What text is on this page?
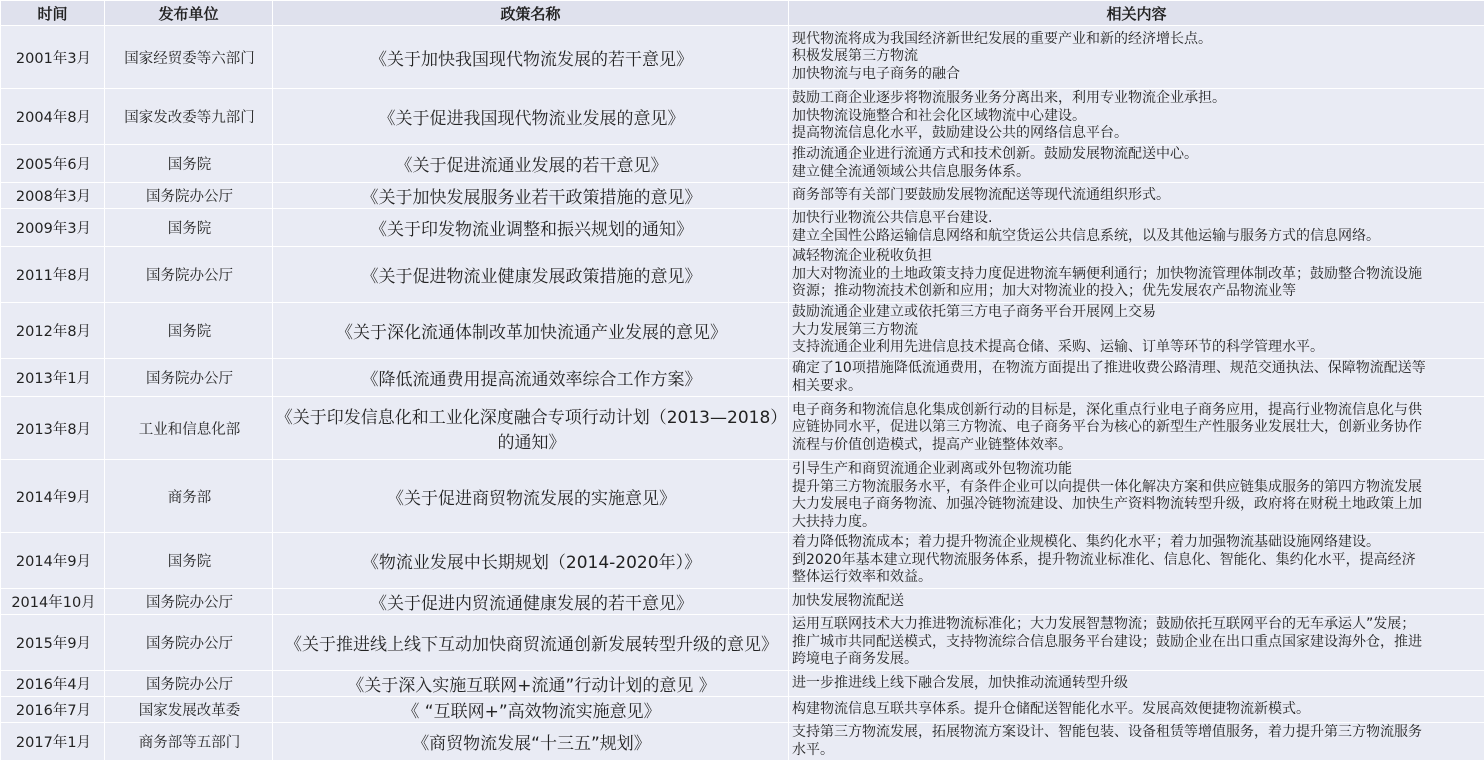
时间	发布单位	政策名称	相关内容
2001年3月	国家经贸委等六部门	《关于加快我国现代物流发展的若干意见》	现代物流将成为我国经济新世纪发展的重要产业和新的经济增长点。
积极发展第三方物流
加快物流与电子商务的融合
2004年8月	国家发改委等九部门	《关于促进我国现代物流业发展的意见》	鼓励工商企业逐步将物流服务业务分离出来，利用专业物流企业承担。
加快物流设施整合和社会化区域物流中心建设。
提高物流信息化水平，鼓励建设公共的网络信息平台。
2005年6月	国务院	《关于促进流通业发展的若干意见》	推动流通企业进行流通方式和技术创新。鼓励发展物流配送中心。
建立健全流通领域公共信息服务体系。
2008年3月	国务院办公厅	《关于加快发展服务业若干政策措施的意见》	商务部等有关部门要鼓励发展物流配送等现代流通组织形式。
2009年3月	国务院	《关于印发物流业调整和振兴规划的通知》	加快行业物流公共信息平台建设.
建立全国性公路运输信息网络和航空货运公共信息系统，以及其他运输与服务方式的信息网络。
2011年8月	国务院办公厅	《关于促进物流业健康发展政策措施的意见》	减轻物流企业税收负担
加大对物流业的土地政策支持力度促进物流车辆便利通行；加快物流管理体制改革；鼓励整合物流设施
资源；推动物流技术创新和应用；加大对物流业的投入；优先发展农产品物流业等
2012年8月	国务院	《关于深化流通体制改革加快流通产业发展的意见》	鼓励流通企业建立或依托第三方电子商务平台开展网上交易
大力发展第三方物流
支持流通企业利用先进信息技术提高仓储、采购、运输、订单等环节的科学管理水平。
2013年1月	国务院办公厅	《降低流通费用提高流通效率综合工作方案》	确定了10项措施降低流通费用，在物流方面提出了推进收费公路清理、规范交通执法、保障物流配送等
相关要求。
2013年8月	工业和信息化部	《关于印发信息化和工业化深度融合专项行动计划（2013—2018）的通知》	电子商务和物流信息化集成创新行动的目标是，深化重点行业电子商务应用，提高行业物流信息化与供
应链协同水平，促进以第三方物流、电子商务平台为核心的新型生产性服务业发展壮大，创新业务协作
流程与价值创造模式，提高产业链整体效率。
2014年9月	商务部	《关于促进商贸物流发展的实施意见》	引导生产和商贸流通企业剥离或外包物流功能
提升第三方物流服务水平，有条件企业可以向提供一体化解决方案和供应链集成服务的第四方物流发展
大力发展电子商务物流、加强冷链物流建设、加快生产资料物流转型升级，政府将在财税土地政策上加
大扶持力度。
2014年9月	国务院	《物流业发展中长期规划（2014-2020年）》	着力降低物流成本；着力提升物流企业规模化、集约化水平；着力加强物流基础设施网络建设。
到2020年基本建立现代物流服务体系，提升物流业标准化、信息化、智能化、集约化水平，提高经济
整体运行效率和效益。
2014年10月	国务院办公厅	《关于促进内贸流通健康发展的若干意见》	加快发展物流配送
2015年9月	国务院办公厅	《关于推进线上线下互动加快商贸流通创新发展转型升级的意见》	运用互联网技术大力推进物流标准化；大力发展智慧物流；鼓励依托互联网平台的无车承运人”发展；
推广城市共同配送模式，支持物流综合信息服务平台建设；鼓励企业在出口重点国家建设海外仓，推进
跨境电子商务发展。
2016年4月	国务院办公厅	《关于深入实施互联网+流通”行动计划的意见 》	进一步推进线上线下融合发展，加快推动流通转型升级
2016年7月	国家发展改革委	《 “互联网+”高效物流实施意见》	构建物流信息互联共享体系。提升仓储配送智能化水平。发展高效便捷物流新模式。
2017年1月	商务部等五部门	《商贸物流发展“十三五”规划》	支持第三方物流发展，拓展物流方案设计、智能包装、设备租赁等增值服务，着力提升第三方物流服务
水平。
